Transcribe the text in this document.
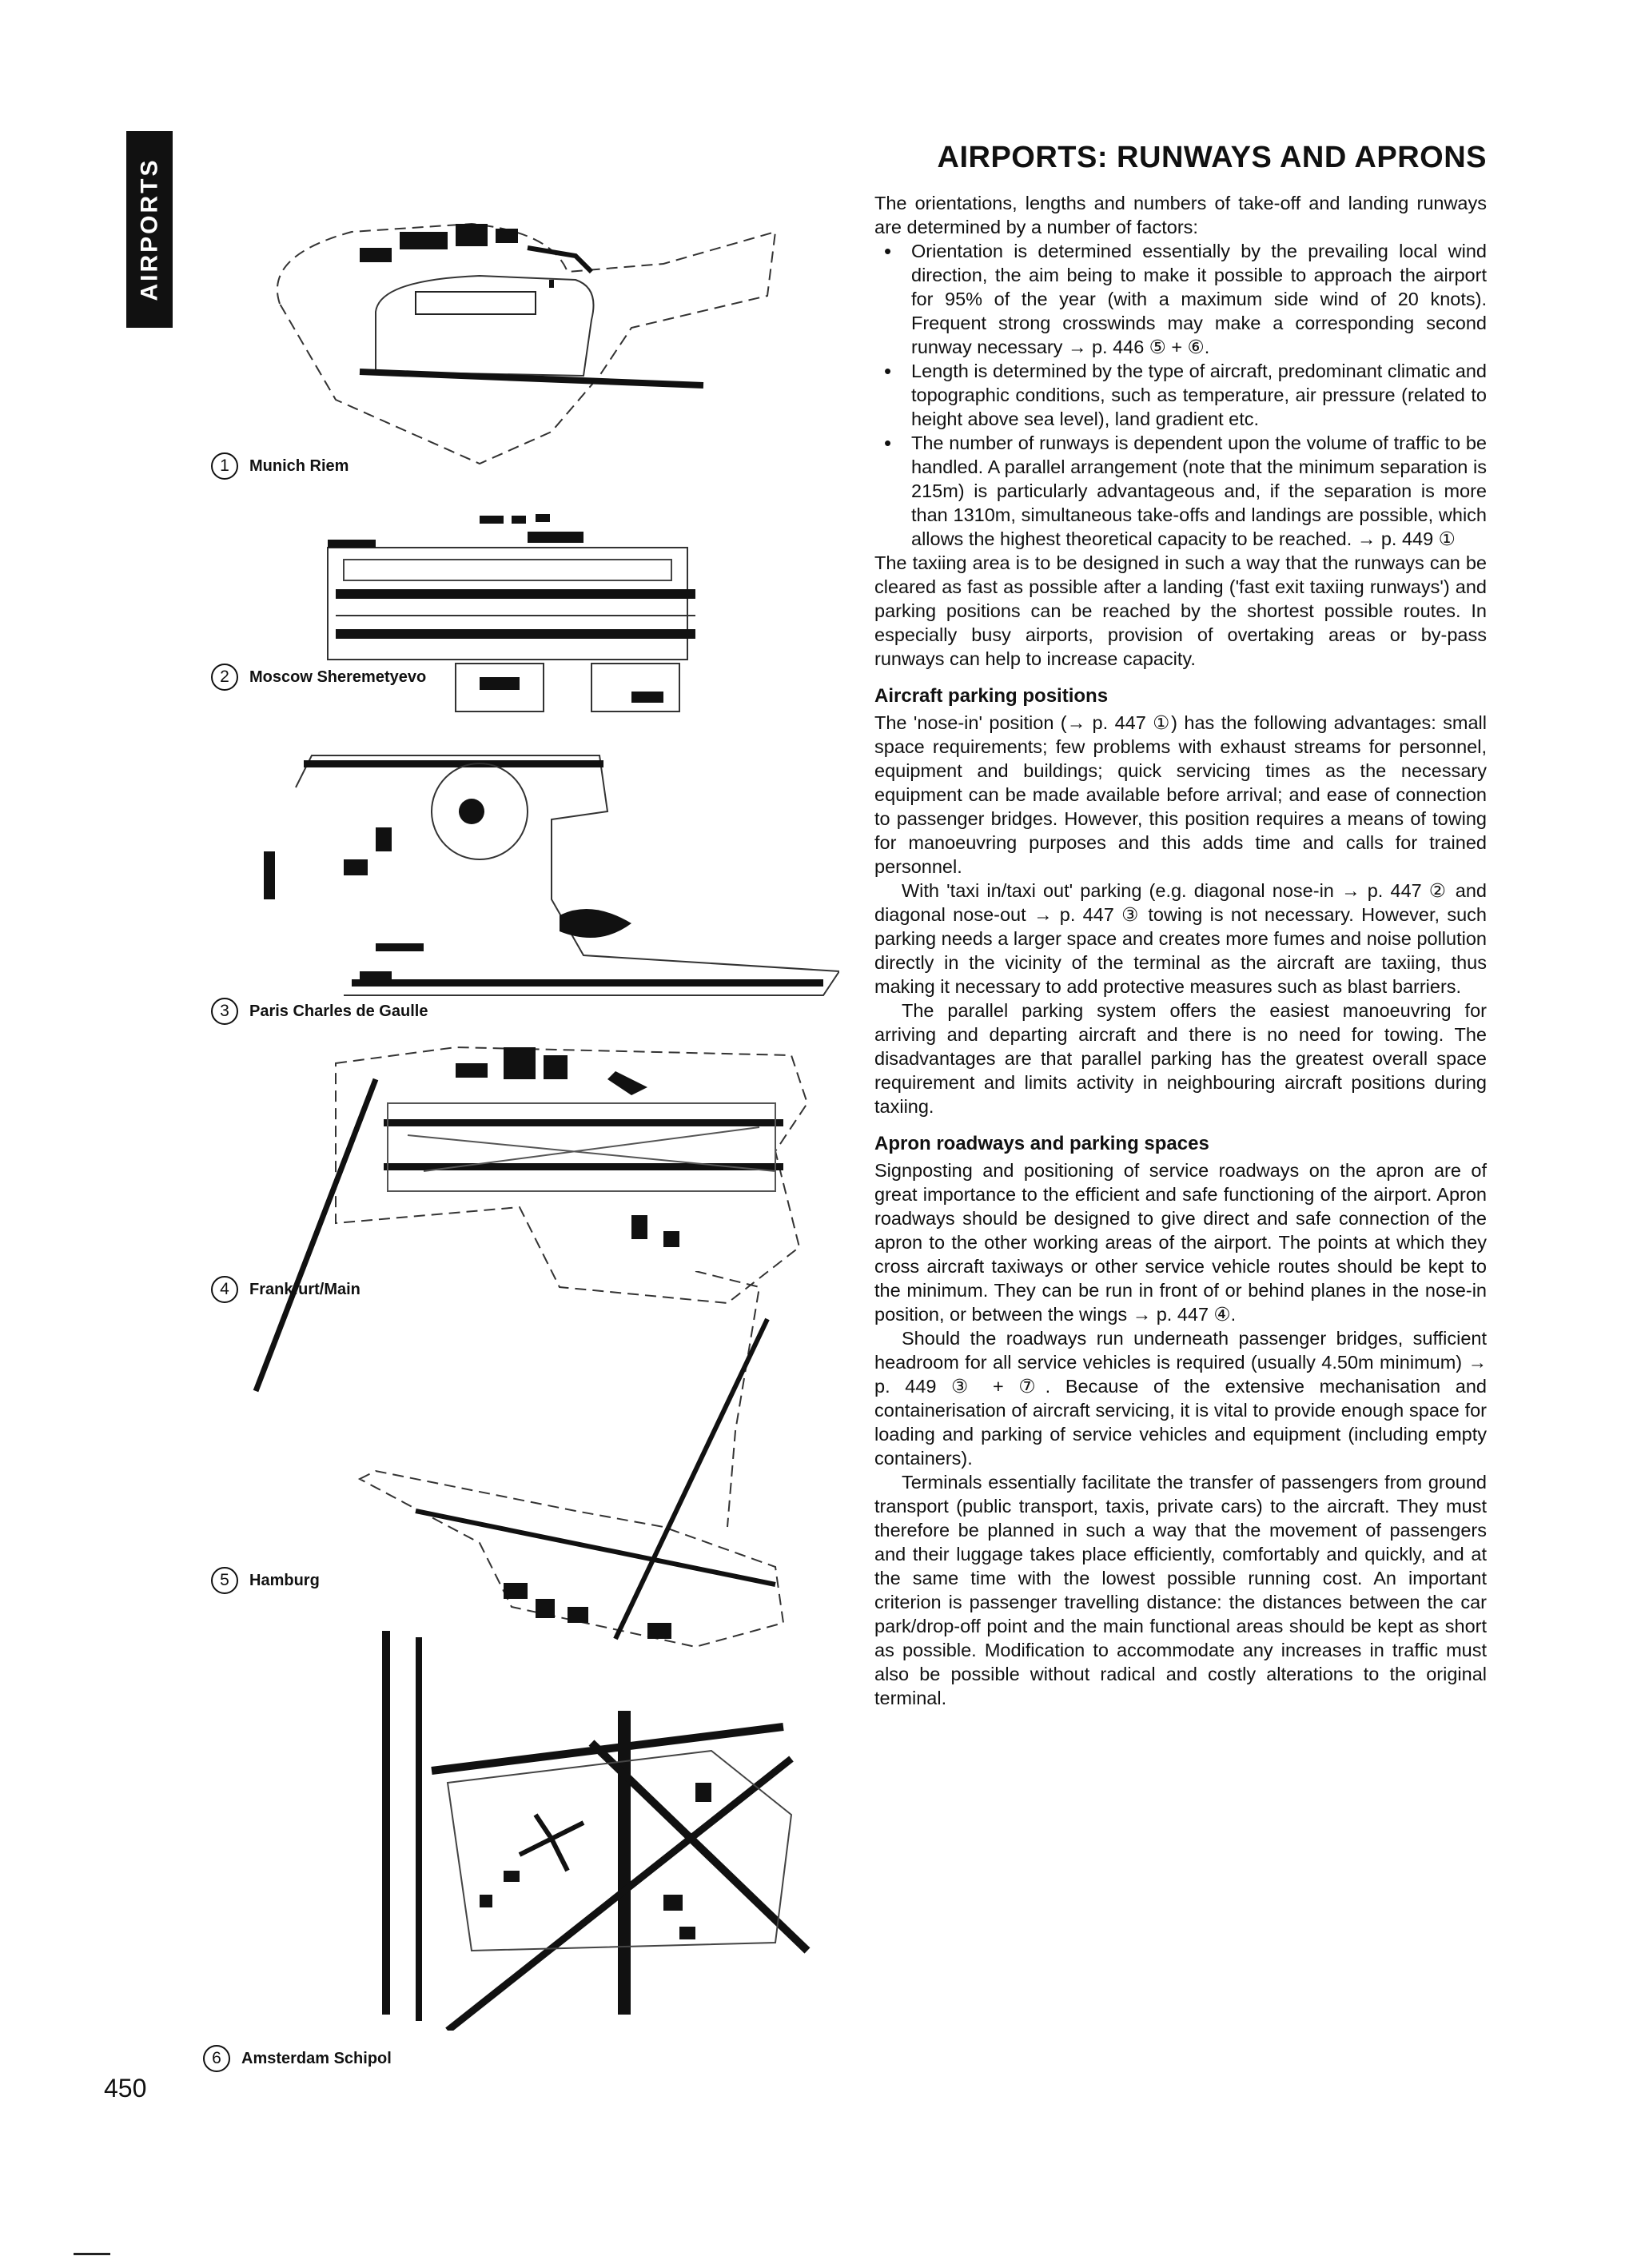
AIRPORTS
450
1	Munich Riem
2	Moscow Sheremetyevo
3	Paris Charles de Gaulle
4	Frankfurt/Main
5	Hamburg
6	Amsterdam Schipol
AIRPORTS: RUNWAYS AND APRONS

The orientations, lengths and numbers of take-off and landing runways are determined by a number of factors:

• Orientation is determined essentially by the prevailing local wind direction, the aim being to make it possible to approach the airport for 95% of the year (with a maximum side wind of 20 knots). Frequent strong crosswinds may make a corresponding second runway necessary → p. 446 ⑤ + ⑥.
• Length is determined by the type of aircraft, predominant climatic and topographic conditions, such as temperature, air pressure (related to height above sea level), land gradient etc.
• The number of runways is dependent upon the volume of traffic to be handled. A parallel arrangement (note that the minimum separation is 215m) is particularly advantageous and, if the separation is more than 1310m, simultaneous take-offs and landings are possible, which allows the highest theoretical capacity to be reached. → p. 449 ①

The taxiing area is to be designed in such a way that the runways can be cleared as fast as possible after a landing ('fast exit taxiing runways') and parking positions can be reached by the shortest possible routes. In especially busy airports, provision of overtaking areas or by-pass runways can help to increase capacity.

Aircraft parking positions

The 'nose-in' position (→ p. 447 ①) has the following advantages: small space requirements; few problems with exhaust streams for personnel, equipment and buildings; quick servicing times as the necessary equipment can be made available before arrival; and ease of connection to passenger bridges. However, this position requires a means of towing for manoeuvring purposes and this adds time and calls for trained personnel.

With 'taxi in/taxi out' parking (e.g. diagonal nose-in → p. 447 ② and diagonal nose-out → p. 447 ③ towing is not necessary. However, such parking needs a larger space and creates more fumes and noise pollution directly in the vicinity of the terminal as the aircraft are taxiing, thus making it necessary to add protective measures such as blast barriers.

The parallel parking system offers the easiest manoeuvring for arriving and departing aircraft and there is no need for towing. The disadvantages are that parallel parking has the greatest overall space requirement and limits activity in neighbouring aircraft positions during taxiing.

Apron roadways and parking spaces

Signposting and positioning of service roadways on the apron are of great importance to the efficient and safe functioning of the airport. Apron roadways should be designed to give direct and safe connection of the apron to the other working areas of the airport. The points at which they cross aircraft taxiways or other service vehicle routes should be kept to the minimum. They can be run in front of or behind planes in the nose-in position, or between the wings → p. 447 ④.

Should the roadways run underneath passenger bridges, sufficient headroom for all service vehicles is required (usually 4.50m minimum) → p. 449 ③ + ⑦. Because of the extensive mechanisation and containerisation of aircraft servicing, it is vital to provide enough space for loading and parking of service vehicles and equipment (including empty containers).

Terminals essentially facilitate the transfer of passengers from ground transport (public transport, taxis, private cars) to the aircraft. They must therefore be planned in such a way that the movement of passengers and their luggage takes place efficiently, comfortably and quickly, and at the same time with the lowest possible running cost. An important criterion is passenger travelling distance: the distances between the car park/drop-off point and the main functional areas should be kept as short as possible. Modification to accommodate any increases in traffic must also be possible without radical and costly alterations to the original terminal.
